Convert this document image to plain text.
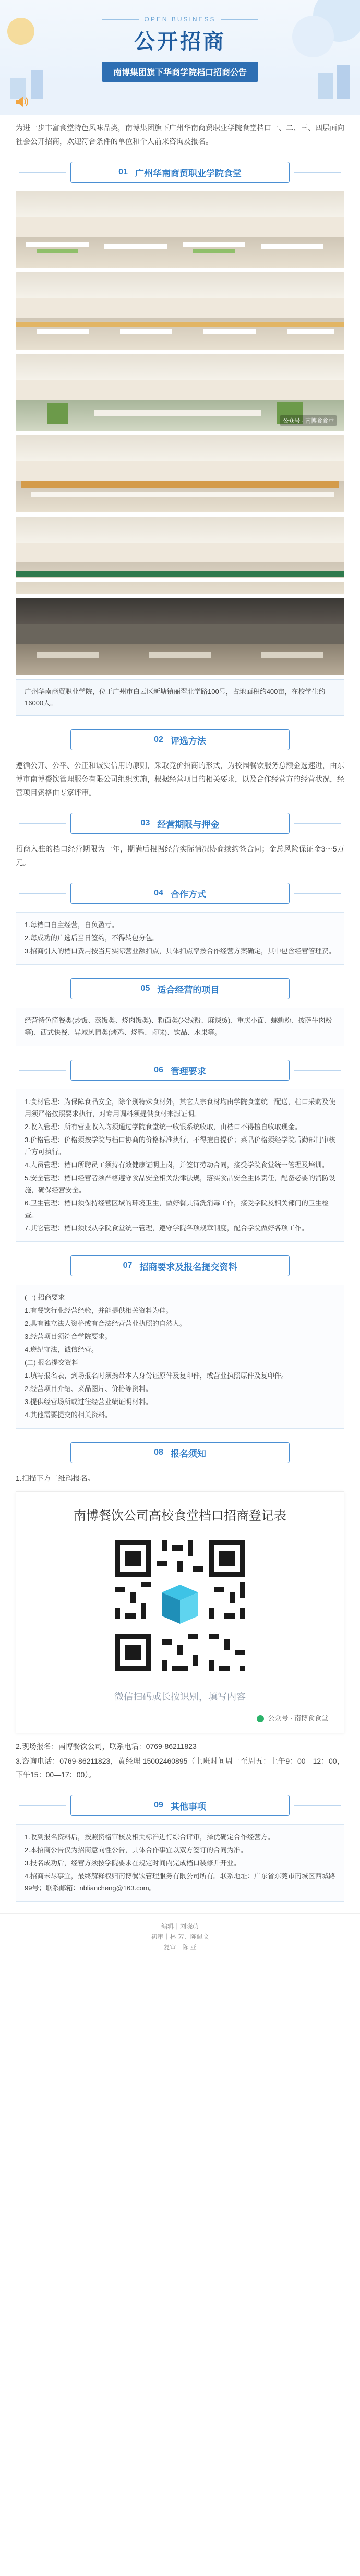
OPEN BUSINESS
公开招商
南博集团旗下华商学院档口招商公告

为进一步丰富食堂特色风味品类，南博集团旗下广州华南商贸职业学院食堂档口一、二、三、四层面向社会公开招商，欢迎符合条件的单位和个人前来咨询及报名。

01 广州华南商贸职业学院食堂
公众号 · 南博食食堂
广州华南商贸职业学院，位于广州市白云区新塘镇丽翠北学路100号，占地面积约400亩，在校学生约16000人。
02 评选方法

遵循公开、公平、公正和诚实信用的原则，采取竞价招商的形式，为校园餐饮服务总额金选速进，由东博市南博餐饮管理服务有限公司组织实施，根据经营项目的相关要求，以及合作经营方的经营状况，经营项目资格由专家评审。

03 经营期限与押金

招商入驻的档口经营期限为一年，期满后根据经营实际情况协商续约签合同；金总风险保证金3～5万元。

04 合作方式

1.每档口自主经营，自负盈亏。

2.每成功的户选后当日签约，不得转包分包。

3.招商引入的档口费用按当月实际营业额扣点，具体扣点率按合作经营方案确定，其中包含经营管理费。

05 适合经营的项目

经营特色简餐类(炒饭、蒸饭类、烧肉饭类)、粉面类(米线粉、麻辣烫)、重庆小面、螺蛳粉、披萨牛肉粉等)、西式快餐、异域风情类(烤鸡、烧鸭、卤味)、饮品、水果等。

06 管理要求

1.食材管理：为保障食品安全，除个别特殊食材外，其它大宗食材均由学院食堂统一配送，档口采购及使用须严格按照要求执行，对专用调料须提供食材来源证明。

2.收入管理：所有营业收入均须通过学院食堂统一收银系统收取，由档口不得擅自收取现金。

3.价格管理：价格须按学院与档口协商的价格标准执行，不得擅自提价；菜品价格须经学院后勤部门审核后方可执行。

4.人员管理：档口所聘员工须持有效健康证明上岗，并签订劳动合同，接受学院食堂统一管理及培训。

5.安全管理：档口经营者须严格遵守食品安全相关法律法规，落实食品安全主体责任，配备必要的消防设施，确保经营安全。

6.卫生管理：档口须保持经营区域的环境卫生，做好餐具清洗消毒工作，接受学院及相关部门的卫生检查。

7.其它管理：档口须服从学院食堂统一管理，遵守学院各项规章制度，配合学院做好各项工作。

07 招商要求及报名提交资料

(一) 招商要求

1.有餐饮行业经营经验，并能提供相关资料为佳。

2.具有独立法人资格或有合法经营营业执照的自然人。

3.经营项目须符合学院要求。

4.遵纪守法，诚信经营。

(二) 报名提交资料

1.填写报名表，到场报名时须携带本人身份证原件及复印件，或营业执照原件及复印件。

2.经营项目介绍、菜品图片、价格等资料。

3.提供经营场所或过往经营业绩证明材料。

4.其他需要提交的相关资料。

08 报名须知

1.扫描下方二维码报名。

南博餐饮公司高校食堂档口招商登记表
微信扫码或长按识别，填写内容
公众号 · 南博食食堂

2.现场报名：南博餐饮公司，联系电话：0769-86211823

3.咨询电话：0769-86211823，黄经理 15002460895（上班时间周一至周五：上午9：00—12：00，下午15：00—17：00）。

09 其他事项

1.收到报名资料后，按照资格审核及相关标准进行综合评审，择优确定合作经营方。

2.本招商公告仅为招商意向性公告，具体合作事宜以双方签订的合同为准。

3.报名成功后，经营方须按学院要求在规定时间内完成档口装修并开业。

4.招商未尽事宜，最终解释权归南博餐饮管理服务有限公司所有。联系地址：广东省东莞市南城区西城路99号；联系邮箱：nbliancheng@163.com。

编辑｜刘晓萌
初审｜林 芳、陈佩文
复审｜陈 亚
